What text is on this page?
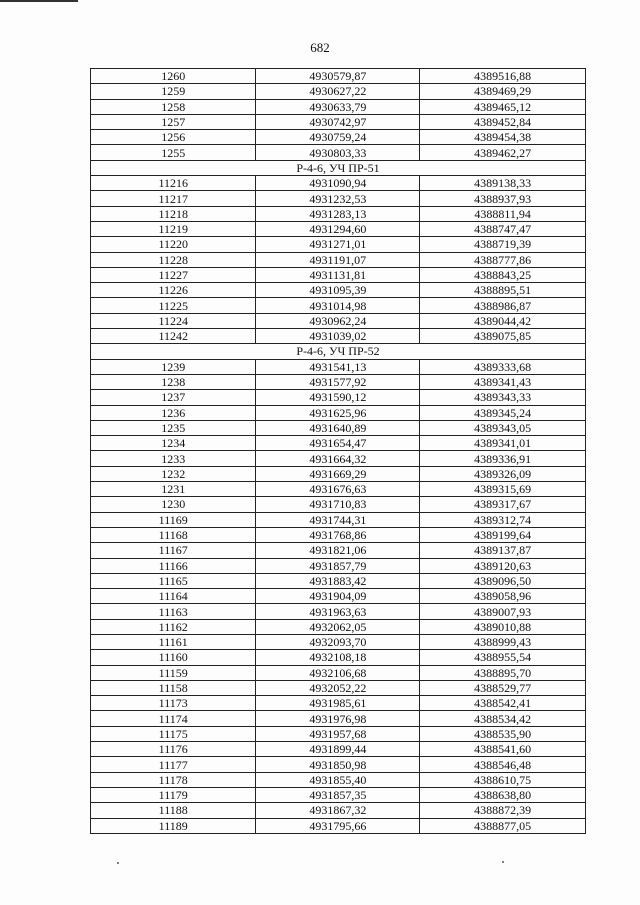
682
1260	4930579,87	4389516,88
1259	4930627,22	4389469,29
1258	4930633,79	4389465,12
1257	4930742,97	4389452,84
1256	4930759,24	4389454,38
1255	4930803,33	4389462,27
Р-4-6, УЧ ПР-51		
11216	4931090,94	4389138,33
11217	4931232,53	4388937,93
11218	4931283,13	4388811,94
11219	4931294,60	4388747,47
11220	4931271,01	4388719,39
11228	4931191,07	4388777,86
11227	4931131,81	4388843,25
11226	4931095,39	4388895,51
11225	4931014,98	4388986,87
11224	4930962,24	4389044,42
11242	4931039,02	4389075,85
Р-4-6, УЧ ПР-52		
1239	4931541,13	4389333,68
1238	4931577,92	4389341,43
1237	4931590,12	4389343,33
1236	4931625,96	4389345,24
1235	4931640,89	4389343,05
1234	4931654,47	4389341,01
1233	4931664,32	4389336,91
1232	4931669,29	4389326,09
1231	4931676,63	4389315,69
1230	4931710,83	4389317,67
11169	4931744,31	4389312,74
11168	4931768,86	4389199,64
11167	4931821,06	4389137,87
11166	4931857,79	4389120,63
11165	4931883,42	4389096,50
11164	4931904,09	4389058,96
11163	4931963,63	4389007,93
11162	4932062,05	4389010,88
11161	4932093,70	4388999,43
11160	4932108,18	4388955,54
11159	4932106,68	4388895,70
11158	4932052,22	4388529,77
11173	4931985,61	4388542,41
11174	4931976,98	4388534,42
11175	4931957,68	4388535,90
11176	4931899,44	4388541,60
11177	4931850,98	4388546,48
11178	4931855,40	4388610,75
11179	4931857,35	4388638,80
11188	4931867,32	4388872,39
11189	4931795,66	4388877,05
